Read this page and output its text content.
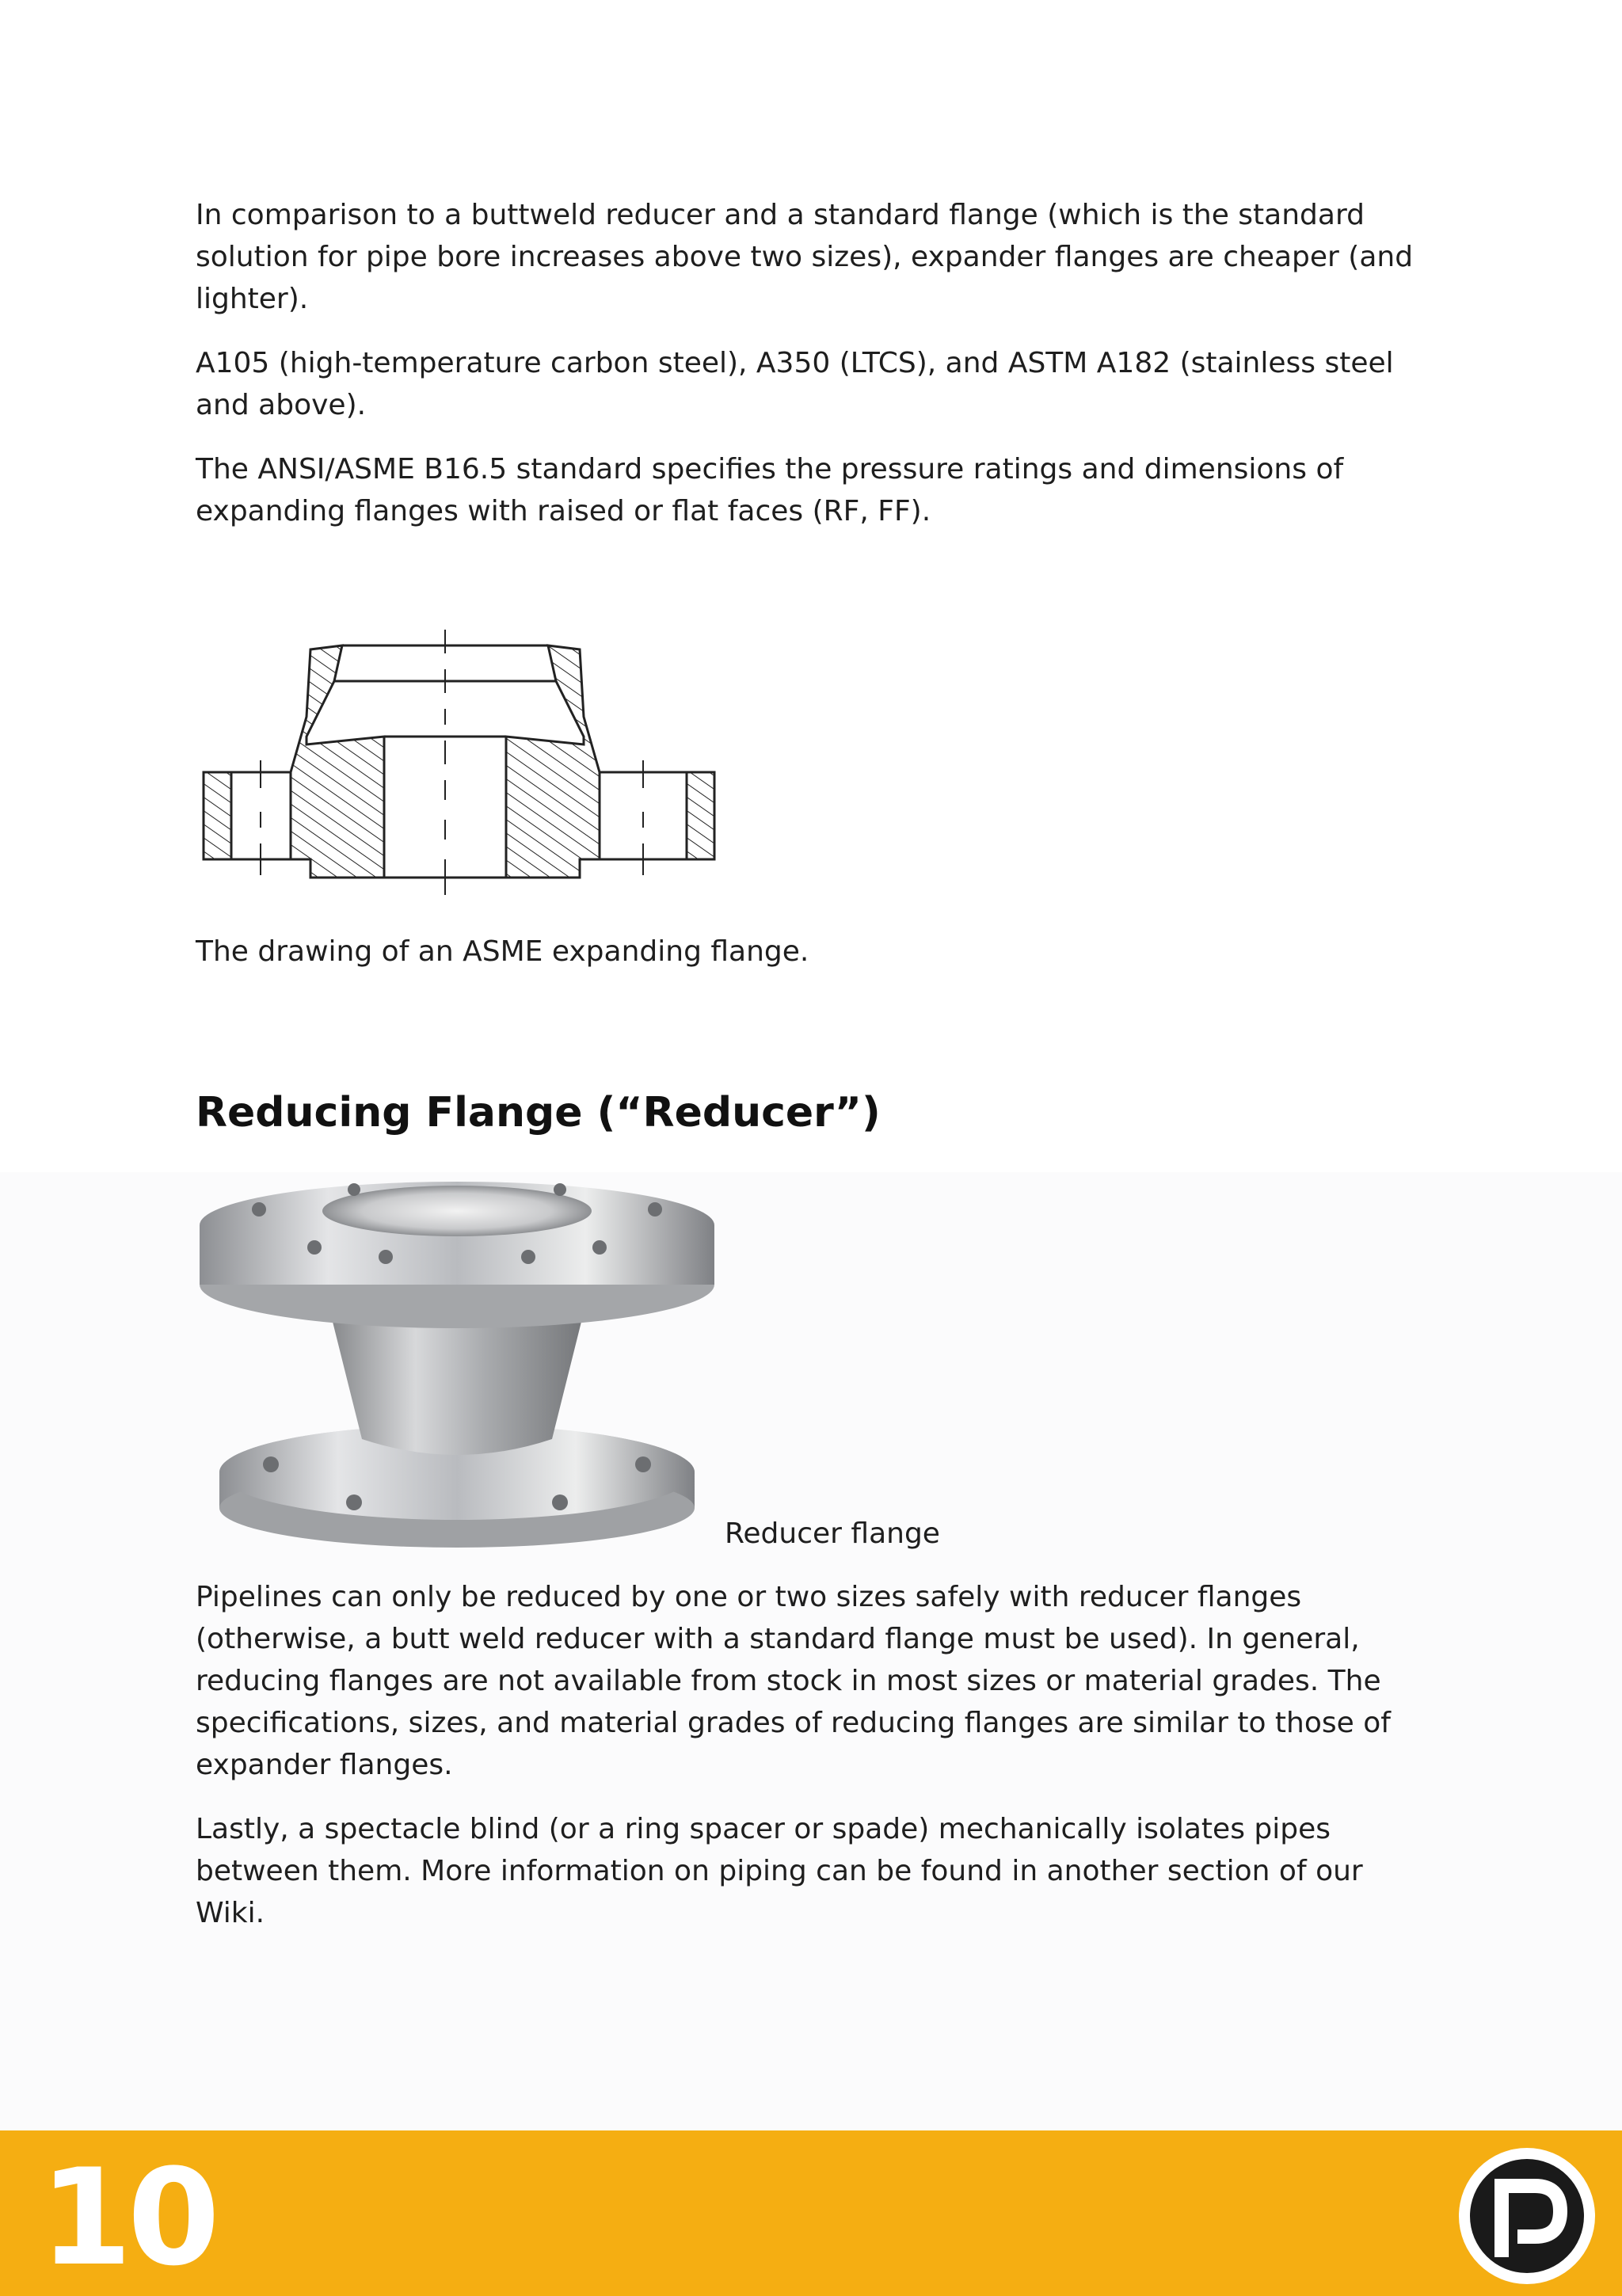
In comparison to a buttweld reducer and a standard flange (which is the standard solution for pipe bore increases above two sizes), expander flanges are cheaper (and lighter).

A105 (high-temperature carbon steel), A350 (LTCS), and ASTM A182 (stainless steel and above).

The ANSI/ASME B16.5 standard specifies the pressure ratings and dimensions of expanding flanges with raised or flat faces (RF, FF).

The drawing of an ASME expanding flange.

Reducing Flange (“Reducer”)

Reducer flange

Pipelines can only be reduced by one or two sizes safely with reducer flanges (otherwise, a butt weld reducer with a standard flange must be used). In general, reducing flanges are not available from stock in most sizes or material grades. The specifications, sizes, and material grades of reducing flanges are similar to those of expander flanges.

Lastly, a spectacle blind (or a ring spacer or spade) mechanically isolates pipes between them. More information on piping can be found in another section of our Wiki.

10
